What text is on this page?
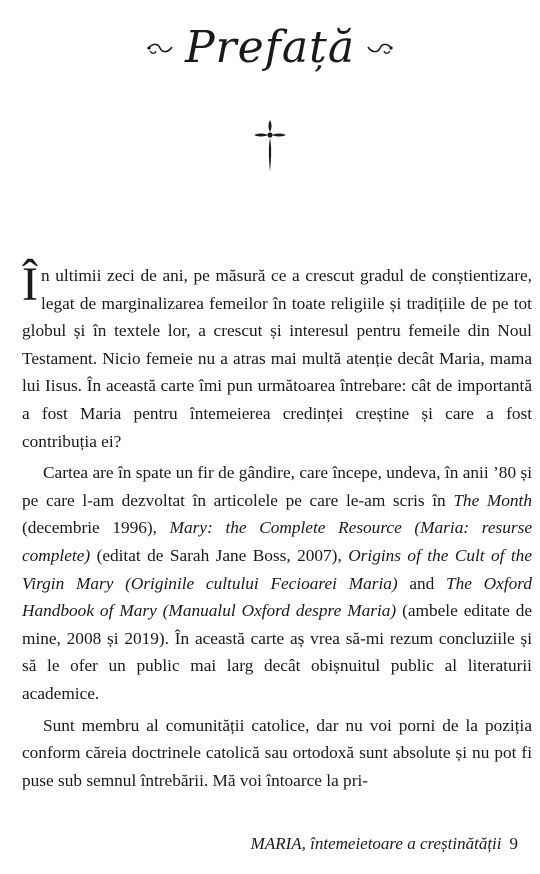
Prefață

În ultimii zeci de ani, pe măsură ce a crescut gradul de conștientizare, legat de marginalizarea femeilor în toate religiile și tradițiile de pe tot globul și în textele lor, a crescut și interesul pentru femeile din Noul Testament. Nicio femeie nu a atras mai multă atenție decât Maria, mama lui Iisus. În această carte îmi pun următoarea întrebare: cât de importantă a fost Maria pentru întemeierea credinței creștine și care a fost contribuția ei?

Cartea are în spate un fir de gândire, care începe, undeva, în anii ’80 și pe care l-am dezvoltat în articolele pe care le-am scris în The Month (decembrie 1996), Mary: the Complete Resource (Maria: resurse complete) (editat de Sarah Jane Boss, 2007), Origins of the Cult of the Virgin Mary (Originile cultului Fecioarei Maria) and The Oxford Handbook of Mary (Manualul Oxford despre Maria) (ambele editate de mine, 2008 și 2019). În această carte aș vrea să-mi rezum concluziile și să le ofer un public mai larg decât obișnuitul public al literaturii academice.

Sunt membru al comunității catolice, dar nu voi porni de la poziția conform căreia doctrinele catolică sau ortodoxă sunt absolute și nu pot fi puse sub semnul întrebării. Mă voi întoarce la pri-

MARIA, întemeietoare a creștinătății 9
